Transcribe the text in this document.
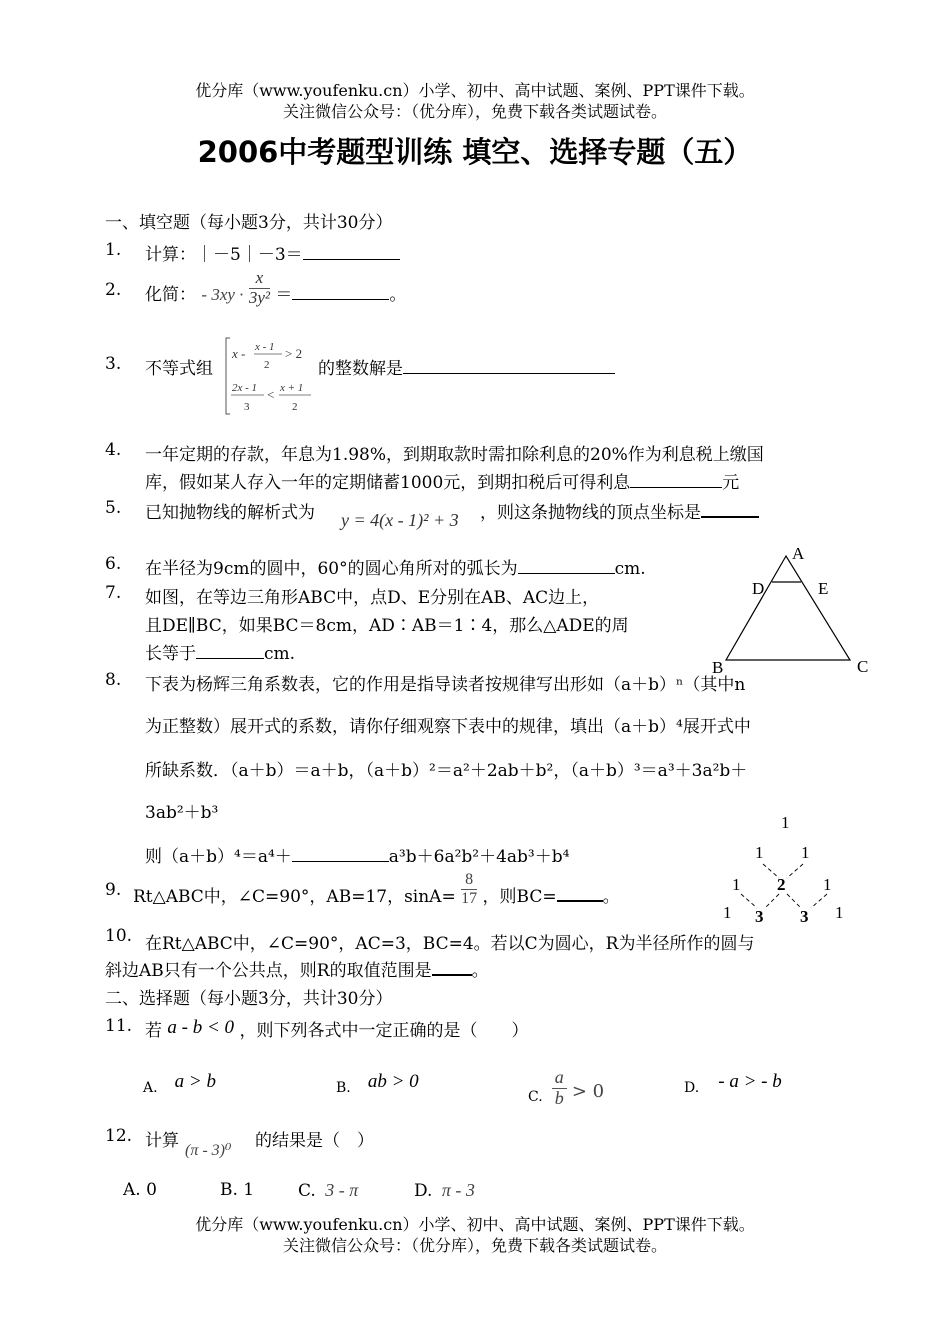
优分库（www.youfenku.cn）小学、初中、高中试题、案例、PPT课件下载。
关注微信公众号：（优分库），免费下载各类试题试卷。
2006中考题型训练 填空、选择专题（五）
一、填空题（每小题3分，共计30分）
1. 计算：｜－5｜－3＝
2. 化简： - $3xy \cdot \frac{x}{\text{3y²}}$ ＝	。
3. 不等式组	的整数解是
x - x - 1
2
> 2
2x - 1
3
< x + 1
2
4. 一年定期的存款，年息为1.98%，到期取款时需扣除利息的20%作为利息税上缴国
库，假如某人存入一年的定期储蓄1000元，到期扣税后可得利息	元
5. 已知抛物线的解析式为 y = 4(x - 1)² + 3 ，则这条抛物线的顶点坐标是
6. 在半径为9cm的圆中，60°的圆心角所对的弧长为	cm.
7. 如图，在等边三角形ABC中，点D、E分别在AB、AC边上，
且DE∥BC，如果BC＝8cm，AD∶AB＝1∶4，那么△ADE的周
长等于	cm.
A
D	E
B	C
8. 下表为杨辉三角系数表，它的作用是指导读者按规律写出形如（a＋b）ⁿ（其中n
为正整数）展开式的系数，请你仔细观察下表中的规律，填出（a＋b）⁴展开式中
所缺系数．（a＋b）＝a＋b，（a＋b）²＝a²＋2ab＋b²，（a＋b）³＝a³＋3a²b＋
3ab²＋b³
则（a＋b）⁴＝a⁴＋	a³b＋6a²b²＋4ab³＋b⁴
1
1 1
1 2 1
1 3 3 1
9. Rt△ABC中，∠C=90°，AB=17，$\sin A= \frac{8}{17}$ ，则BC=	。
10. 在Rt△ABC中，∠C=90°，AC=3，BC=4。若以C为圆心，R为半径所作的圆与
斜边AB只有一个公共点，则R的取值范围是 。
二、选择题（每小题3分，共计30分）
11. 若 a - b < 0 ，则下列各式中一定正确的是（　　）
A. a > b	B. ab > 0
C. $\frac{a}{b} > 0$	D. - a > - b
12. 计算 (π - 3)⁰ 的结果是（　）
A. 0	B. 1	C. 3 - π	D. π - 3
优分库（www.youfenku.cn）小学、初中、高中试题、案例、PPT课件下载。
关注微信公众号：（优分库），免费下载各类试题试卷。
